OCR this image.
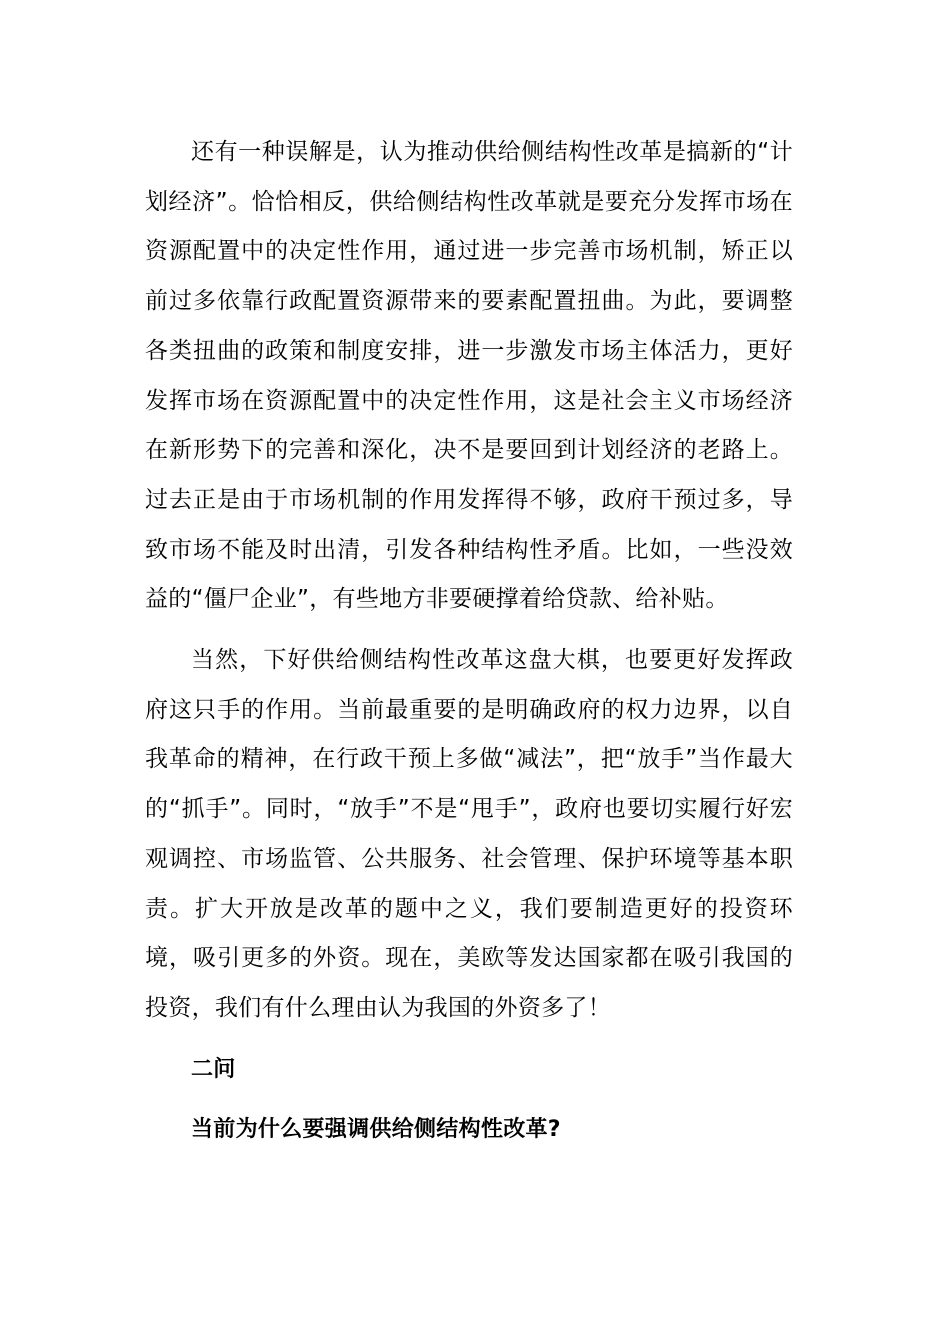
还有一种误解是，认为推动供给侧结构性改革是搞新的“计划经济”。恰恰相反，供给侧结构性改革就是要充分发挥市场在资源配置中的决定性作用，通过进一步完善市场机制，矫正以前过多依靠行政配置资源带来的要素配置扭曲。为此，要调整各类扭曲的政策和制度安排，进一步激发市场主体活力，更好发挥市场在资源配置中的决定性作用，这是社会主义市场经济在新形势下的完善和深化，决不是要回到计划经济的老路上。过去正是由于市场机制的作用发挥得不够，政府干预过多，导致市场不能及时出清，引发各种结构性矛盾。比如，一些没效益的“僵尸企业”，有些地方非要硬撑着给贷款、给补贴。

当然，下好供给侧结构性改革这盘大棋，也要更好发挥政府这只手的作用。当前最重要的是明确政府的权力边界，以自我革命的精神，在行政干预上多做“减法”，把“放手”当作最大的“抓手”。同时，“放手”不是“甩手”，政府也要切实履行好宏观调控、市场监管、公共服务、社会管理、保护环境等基本职责。扩大开放是改革的题中之义，我们要制造更好的投资环境，吸引更多的外资。现在，美欧等发达国家都在吸引我国的投资，我们有什么理由认为我国的外资多了！

二问

当前为什么要强调供给侧结构性改革?
